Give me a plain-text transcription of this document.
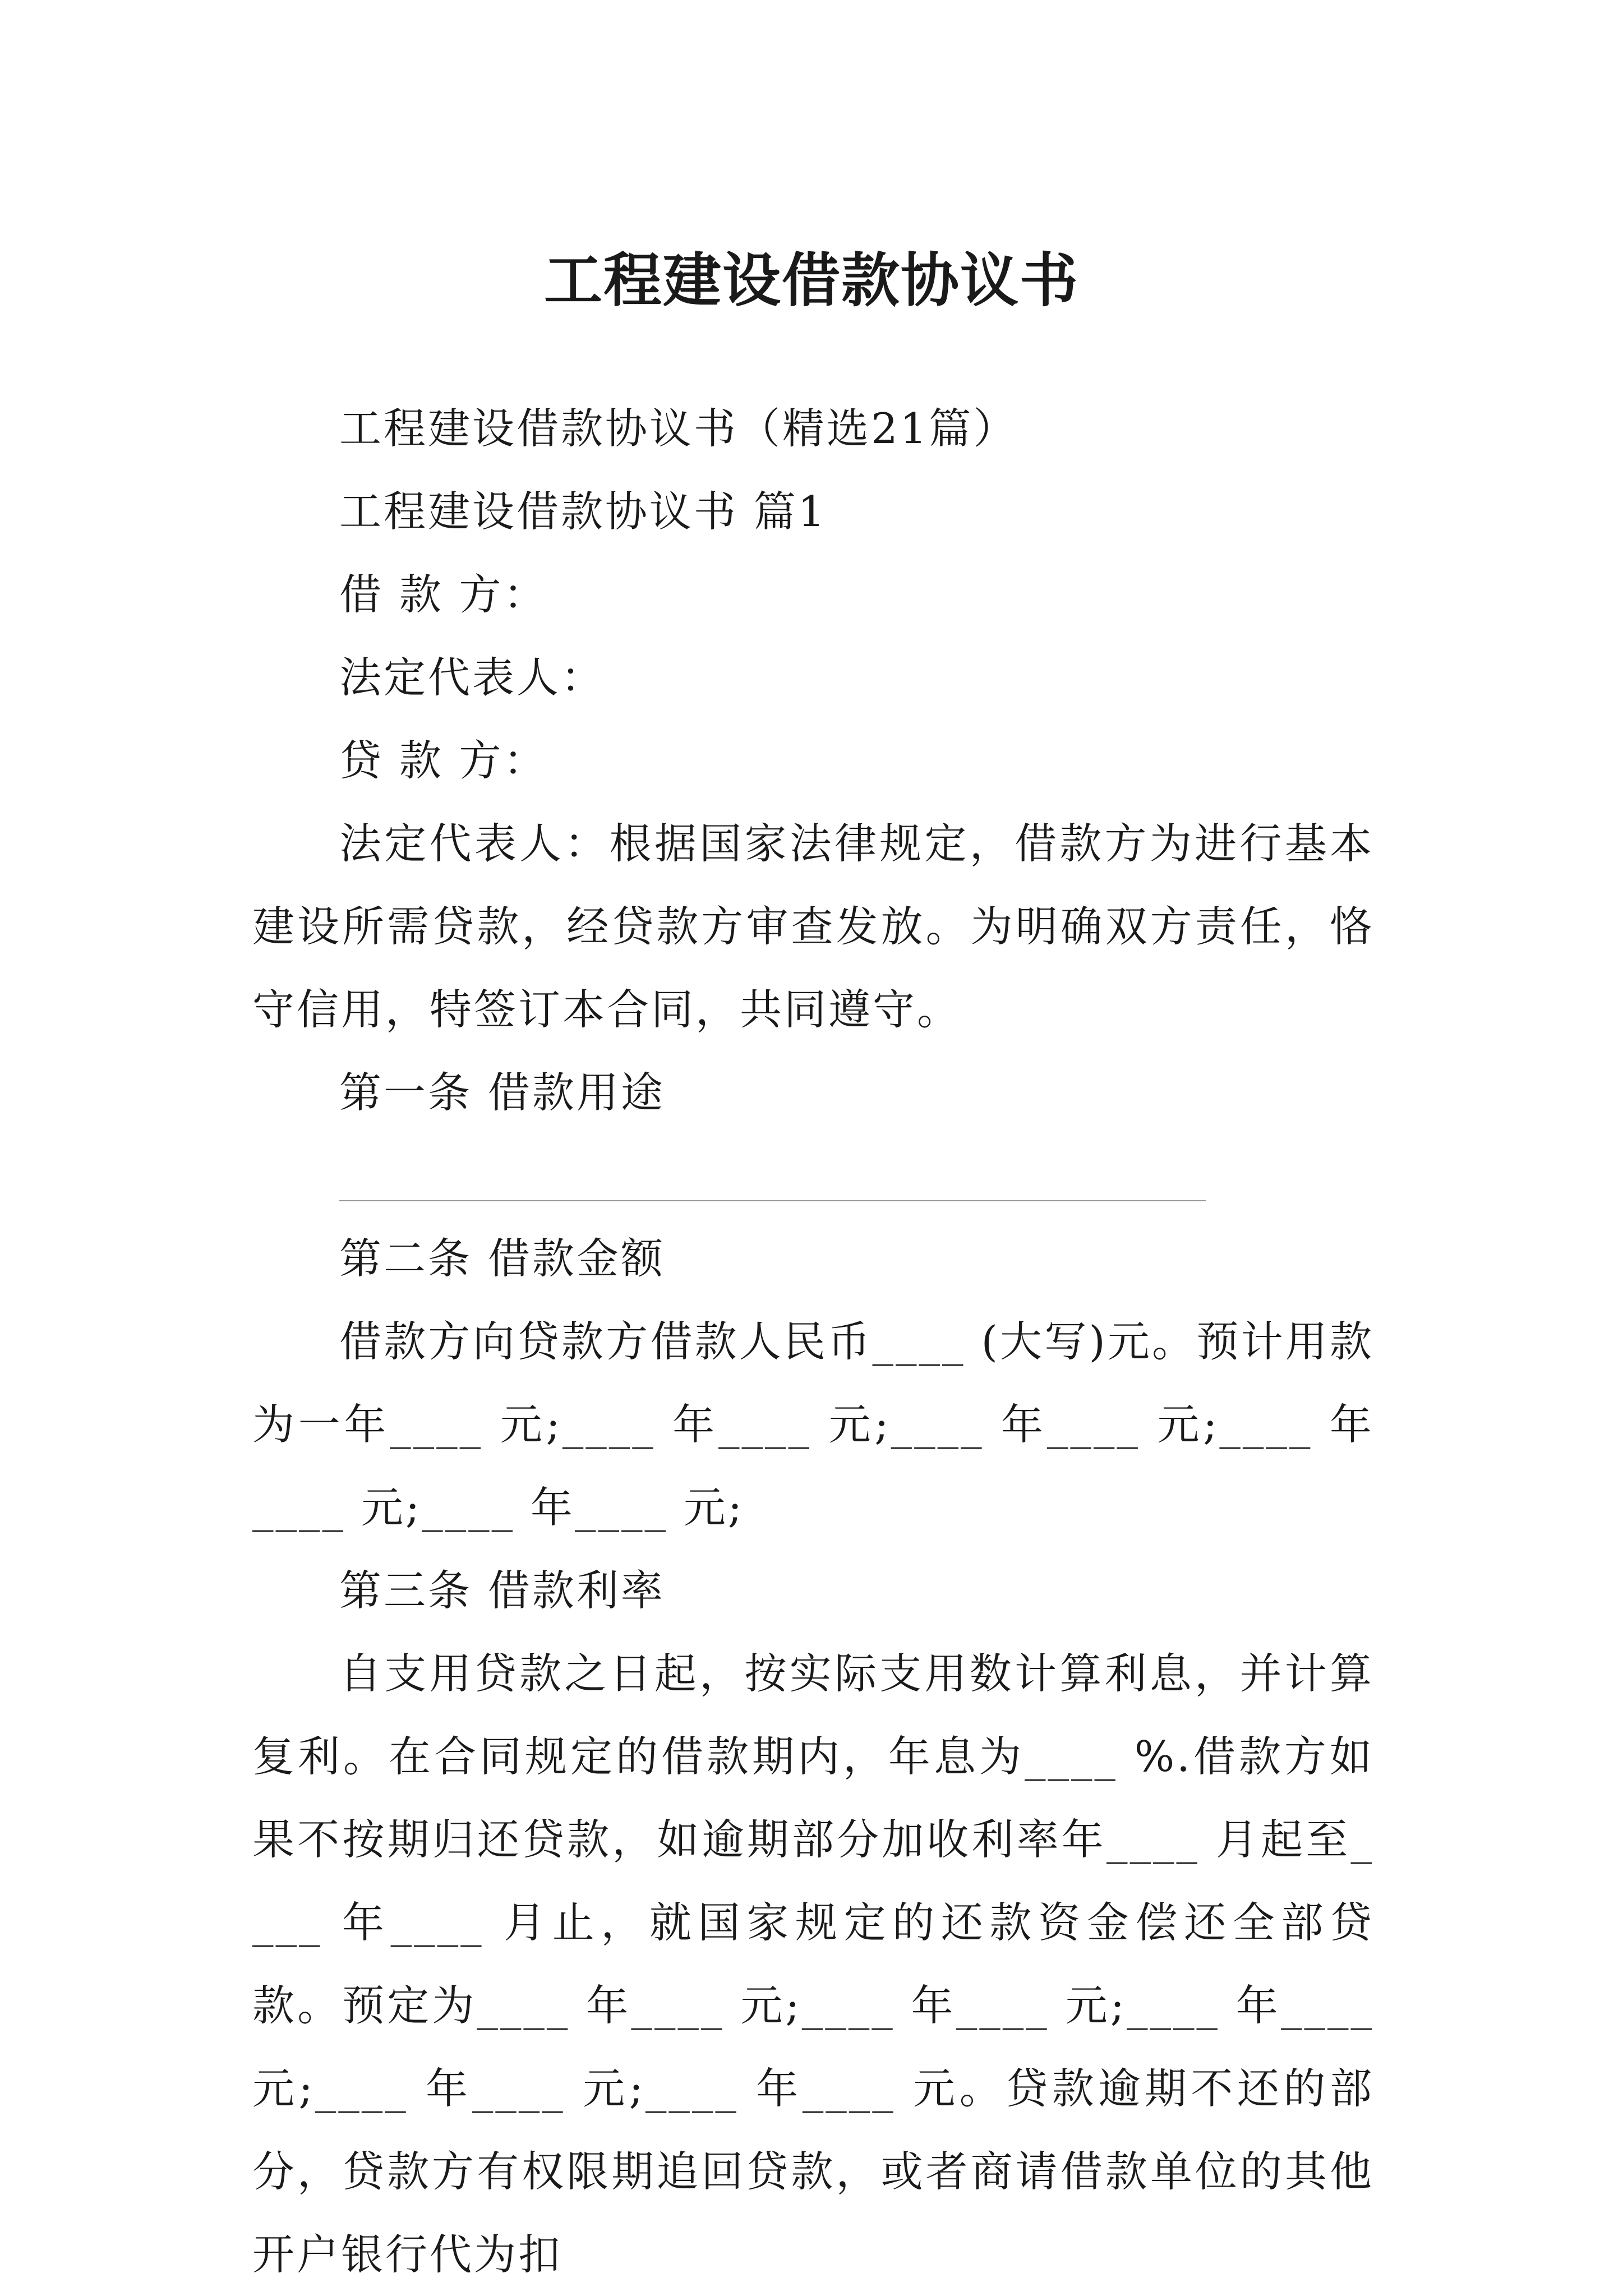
工程建设借款协议书

工程建设借款协议书（精选21篇）

工程建设借款协议书 篇1

借 款 方：

法定代表人：

贷 款 方：

法定代表人：根据国家法律规定，借款方为进行基本建设所需贷款，经贷款方审查发放。为明确双方责任，恪守信用，特签订本合同，共同遵守。

第一条 借款用途

第二条 借款金额

借款方向贷款方借款人民币____ (大写)元。预计用款为一年____ 元;____ 年____ 元;____ 年____ 元;____ 年____ 元;____ 年____ 元;

第三条 借款利率

自支用贷款之日起，按实际支用数计算利息，并计算复利。在合同规定的借款期内，年息为____ %.借款方如果不按期归还贷款，如逾期部分加收利率年____ 月起至____ 年____ 月止，就国家规定的还款资金偿还全部贷款。预定为____ 年____ 元;____ 年____ 元;____ 年____ 元;____ 年____ 元;____ 年____ 元。贷款逾期不还的部分，贷款方有权限期追回贷款，或者商请借款单位的其他开户银行代为扣
